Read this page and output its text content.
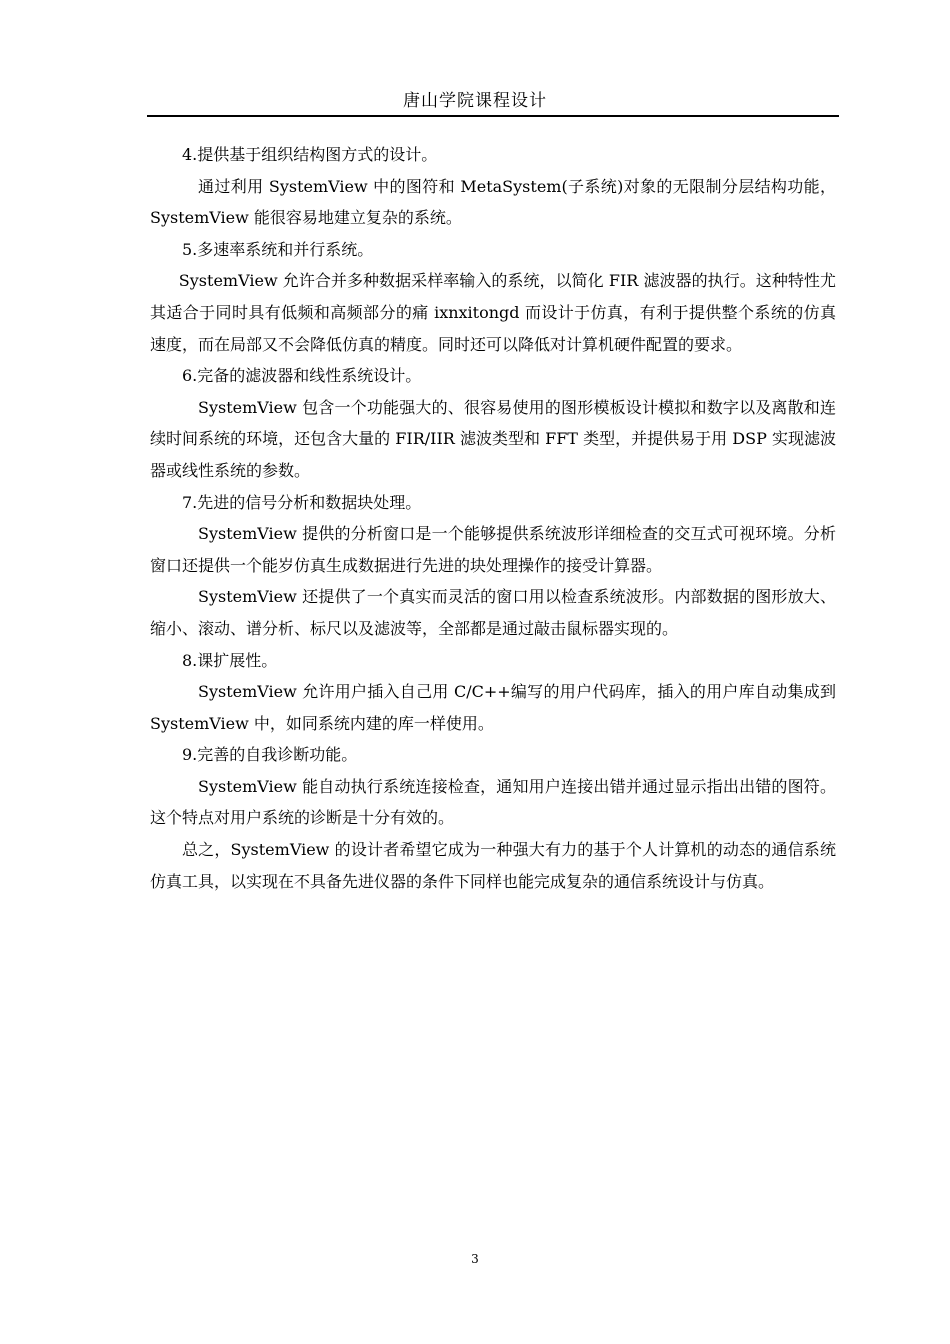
唐山学院课程设计

4.提供基于组织结构图方式的设计。

通过利用 SystemView 中的图符和 MetaSystem(子系统)对象的无限制分层结构功能，SystemView 能很容易地建立复杂的系统。

5.多速率系统和并行系统。

SystemView 允许合并多种数据采样率输入的系统，以简化 FIR 滤波器的执行。这种特性尤其适合于同时具有低频和高频部分的痛 ixnxitongd 而设计于仿真，有利于提供整个系统的仿真速度，而在局部又不会降低仿真的精度。同时还可以降低对计算机硬件配置的要求。

6.完备的滤波器和线性系统设计。

SystemView 包含一个功能强大的、很容易使用的图形模板设计模拟和数字以及离散和连续时间系统的环境，还包含大量的 FIR/IIR 滤波类型和 FFT 类型，并提供易于用 DSP 实现滤波器或线性系统的参数。

7.先进的信号分析和数据块处理。

SystemView 提供的分析窗口是一个能够提供系统波形详细检查的交互式可视环境。分析窗口还提供一个能岁仿真生成数据进行先进的块处理操作的接受计算器。

SystemView 还提供了一个真实而灵活的窗口用以检查系统波形。内部数据的图形放大、缩小、滚动、谱分析、标尺以及滤波等，全部都是通过敲击鼠标器实现的。

8.课扩展性。

SystemView 允许用户插入自己用 C/C++编写的用户代码库，插入的用户库自动集成到 SystemView 中，如同系统内建的库一样使用。

9.完善的自我诊断功能。

SystemView 能自动执行系统连接检查，通知用户连接出错并通过显示指出出错的图符。这个特点对用户系统的诊断是十分有效的。

总之，SystemView 的设计者希望它成为一种强大有力的基于个人计算机的动态的通信系统仿真工具，以实现在不具备先进仪器的条件下同样也能完成复杂的通信系统设计与仿真。

3
